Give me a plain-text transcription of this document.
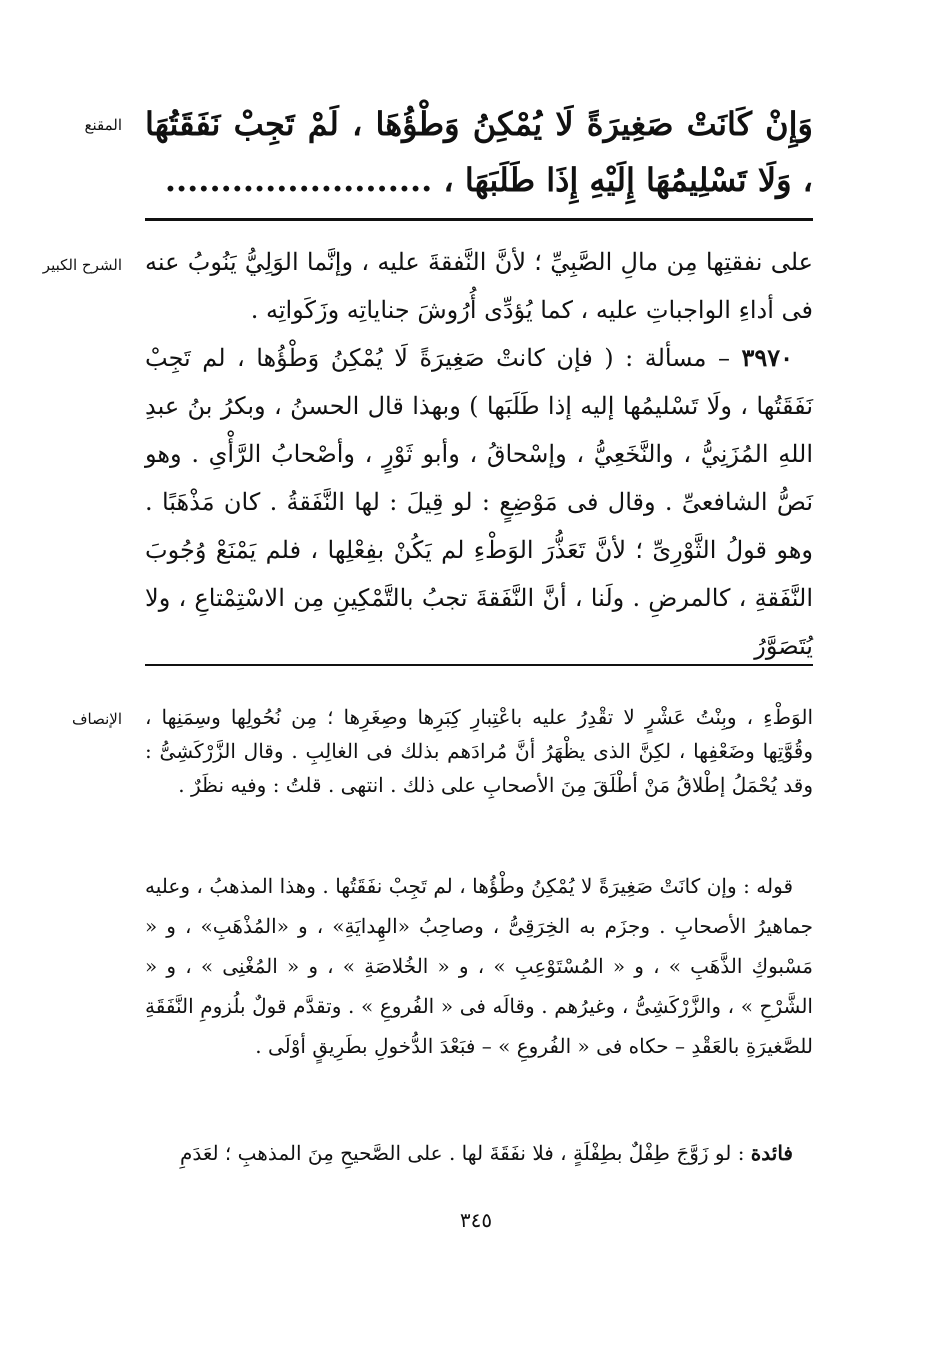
المقنع وَإِنْ كَانَتْ صَغِيرَةً لَا يُمْكِنُ وَطْؤُهَا ، لَمْ تَجِبْ نَفَقَتُهَا ، وَلَا تَسْلِيمُهَا إِلَيْهِ إِذَا طَلَبَهَا ، ........................

الشرح الكبير على نفقتِها مِن مالِ الصَّبِيِّ ؛ لأنَّ النَّفقةَ عليه ، وإنَّما الوَلِيُّ يَنُوبُ عنه فى أداءِ الواجباتِ عليه ، كما يُؤدِّى أُرُوشَ جناياتِه وزَكَواتِه .

٣٩٧٠ – مسألة : ( فإن كانتْ صَغِيرَةً لَا يُمْكِنُ وَطْؤُها ، لم تَجِبْ نَفَقَتُها ، ولَا تَسْليمُها إليه إذا طَلَبَها ) وبهذا قال الحسنُ ، وبكرُ بنُ عبدِ اللهِ المُزَنِيُّ ، والنَّخَعِيُّ ، وإسْحاقُ ، وأبو ثَوْرٍ ، وأصْحابُ الرَّأْىِ . وهو نَصُّ الشافعىِّ . وقال فى مَوْضِعٍ : لو قِيلَ : لها النَّفَقةُ . كان مَذْهَبًا . وهو قولُ الثَّوْرِىِّ ؛ لأنَّ تَعَذُّرَ الوَطْءِ لم يَكُنْ بفِعْلِها ، فلم يَمْنَعْ وُجُوبَ النَّفَقةِ ، كالمرضِ . ولَنا ، أنَّ النَّفَقةَ تجبُ بالتَّمْكِينِ مِن الاسْتِمْتاعِ ، ولا يُتَصَوَّرُ

الإنصاف الوَطْءِ ، وبِنْتُ عَشْرٍ لا تقْدِرُ عليه باعْتِبارِ كِبَرِها وصِغَرِها ؛ مِن نُحُولِها وسِمَنِها ، وقُوَّتِها وضَعْفِها ، لكِنَّ الذى يظْهَرُ أنَّ مُرادَهم بذلك فى الغالِبِ . وقال الزَّرْكَشِىُّ : وقد يُحْمَلُ إطْلاقُ مَنْ أطْلَقَ مِنَ الأصحابِ على ذلك . انتهى . قلتُ : وفيه نظَرٌ .

قوله : وإن كانَتْ صَغِيرَةً لا يُمْكِنُ وطْؤُها ، لم تَجِبْ نفَقَتُها . وهذا المذهبُ ، وعليه جماهيرُ الأصحابِ . وجزَم به الخِرَقِىُّ ، وصاحِبُ «الهِدايَةِ» ، و «المُذْهَبِ» ، و « مَسْبوكِ الذَّهَبِ » ، و « المُسْتَوْعِبِ » ، و « الخُلاصَةِ » ، و « المُغْنِى » ، و « الشَّرْحِ » ، والزَّرْكَشِىُّ ، وغيرُهم . وقالَه فى « الفُروعِ » . وتقدَّم قولٌ بلُزومِ النَّفَقَةِ للصَّغيرَةِ بالعَقْدِ – حكاه فى « الفُروعِ » – فبَعْدَ الدُّخولِ بطَرِيقٍ أوْلَى .

فائدة : لو زَوَّجَ طِفْلٌ بطِفْلَةٍ ، فلا نفَقَةَ لها . على الصَّحيحِ مِنَ المذهبِ ؛ لعَدَمِ

٣٤٥
